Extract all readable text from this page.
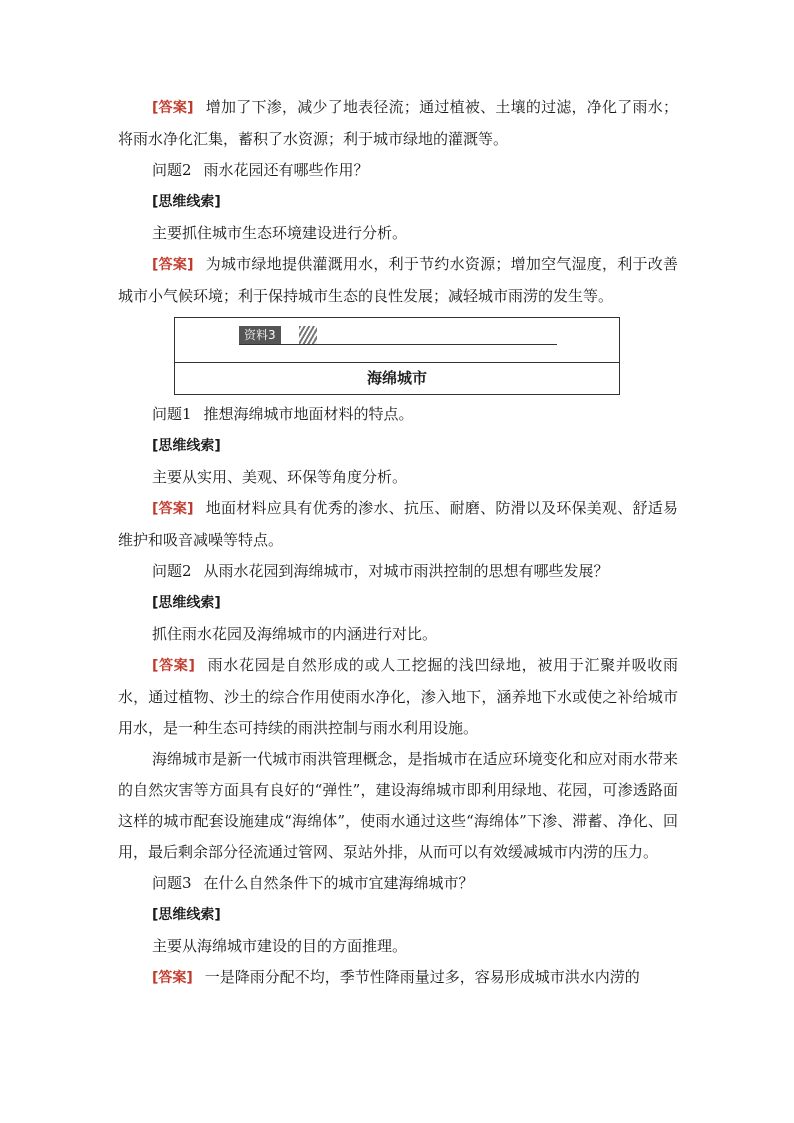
[答案] 增加了下渗，减少了地表径流；通过植被、土壤的过滤，净化了雨水；将雨水净化汇集，蓄积了水资源；利于城市绿地的灌溉等。

问题2 雨水花园还有哪些作用？

[思维线索]

主要抓住城市生态环境建设进行分析。

[答案] 为城市绿地提供灌溉用水，利于节约水资源；增加空气湿度，利于改善城市小气候环境；利于保持城市生态的良性发展；减轻城市雨涝的发生等。

资料3
海绵城市

问题1 推想海绵城市地面材料的特点。

[思维线索]

主要从实用、美观、环保等角度分析。

[答案] 地面材料应具有优秀的渗水、抗压、耐磨、防滑以及环保美观、舒适易维护和吸音减噪等特点。

问题2 从雨水花园到海绵城市，对城市雨洪控制的思想有哪些发展？

[思维线索]

抓住雨水花园及海绵城市的内涵进行对比。

[答案] 雨水花园是自然形成的或人工挖掘的浅凹绿地，被用于汇聚并吸收雨水，通过植物、沙土的综合作用使雨水净化，渗入地下，涵养地下水或使之补给城市用水，是一种生态可持续的雨洪控制与雨水利用设施。

海绵城市是新一代城市雨洪管理概念，是指城市在适应环境变化和应对雨水带来的自然灾害等方面具有良好的“弹性”，建设海绵城市即利用绿地、花园，可渗透路面这样的城市配套设施建成“海绵体”，使雨水通过这些“海绵体”下渗、滞蓄、净化、回用，最后剩余部分径流通过管网、泵站外排，从而可以有效缓减城市内涝的压力。

问题3 在什么自然条件下的城市宜建海绵城市？

[思维线索]

主要从海绵城市建设的目的方面推理。

[答案] 一是降雨分配不均，季节性降雨量过多，容易形成城市洪水内涝的
